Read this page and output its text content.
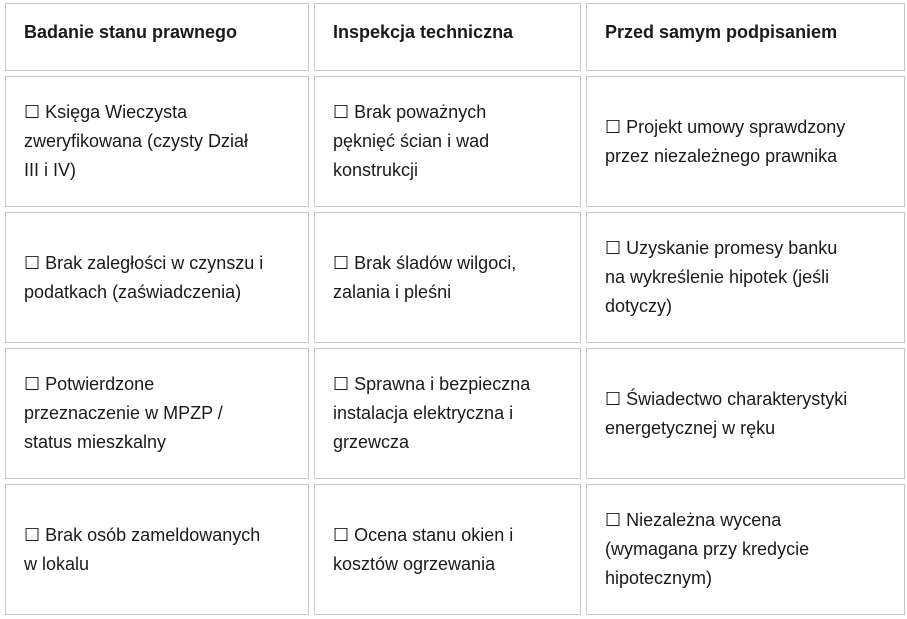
Badanie stanu prawnego	Inspekcja techniczna	Przed samym podpisaniem
☐ Księga Wieczysta
zweryfikowana (czysty Dział
III i IV)
☐ Brak poważnych
pęknięć ścian i wad
konstrukcji
☐ Projekt umowy sprawdzony
przez niezależnego prawnika
☐ Brak zaległości w czynszu i
podatkach (zaświadczenia)
☐ Brak śladów wilgoci,
zalania i pleśni
☐ Uzyskanie promesy banku
na wykreślenie hipotek (jeśli
dotyczy)
☐ Potwierdzone
przeznaczenie w MPZP /
status mieszkalny
☐ Sprawna i bezpieczna
instalacja elektryczna i
grzewcza
☐ Świadectwo charakterystyki
energetycznej w ręku
☐ Brak osób zameldowanych
w lokalu
☐ Ocena stanu okien i
kosztów ogrzewania
☐ Niezależna wycena
(wymagana przy kredycie
hipotecznym)
